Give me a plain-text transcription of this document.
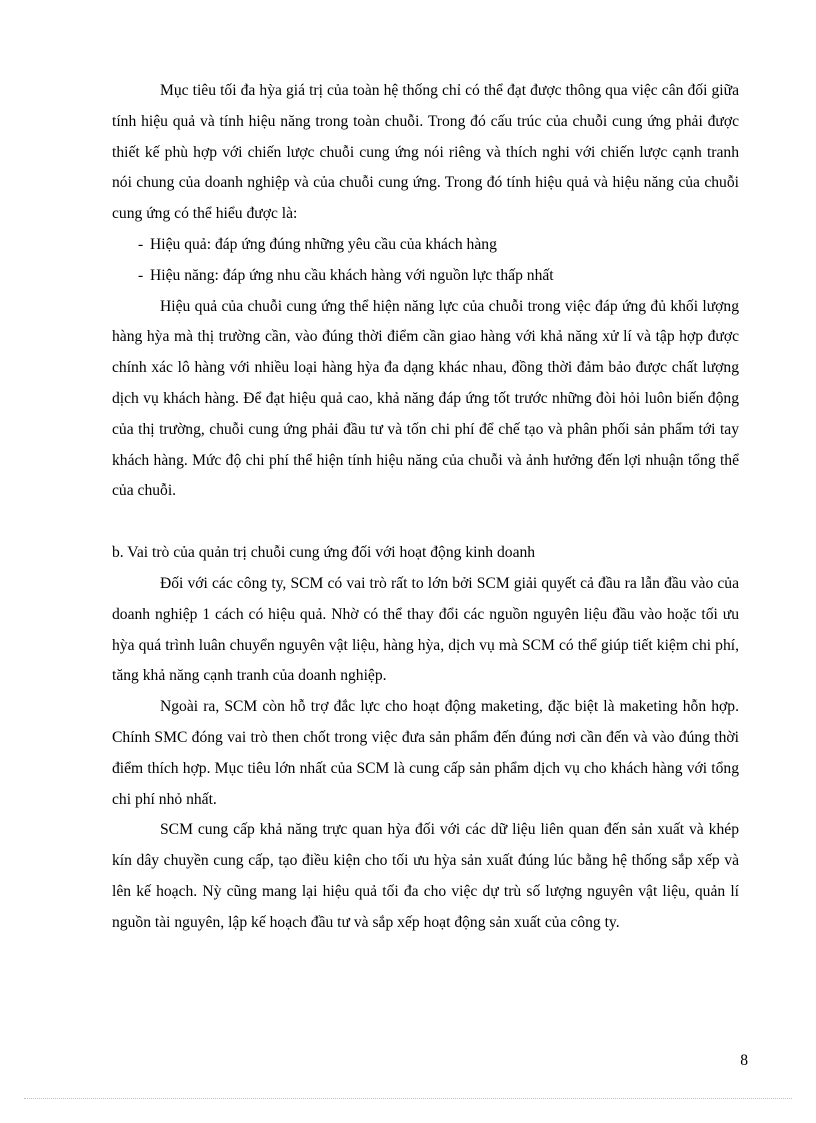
Mục tiêu tối đa hỳa giá trị của toàn hệ thống chỉ có thể đạt được thông qua việc cân đối giữa tính hiệu quả và tính hiệu năng trong toàn chuỗi. Trong đó cấu trúc của chuỗi cung ứng phải được thiết kế phù hợp với chiến lược chuỗi cung ứng nói riêng và thích nghi với chiến lược cạnh tranh nói chung của doanh nghiệp và của chuỗi cung ứng. Trong đó tính hiệu quả và hiệu năng của chuỗi cung ứng có thể hiểu được là:

- Hiệu quả: đáp ứng đúng những yêu cầu của khách hàng
- Hiệu năng: đáp ứng nhu cầu khách hàng với nguồn lực thấp nhất

Hiệu quả của chuỗi cung ứng thể hiện năng lực của chuỗi trong việc đáp ứng đủ khối lượng hàng hỳa mà thị trường cần, vào đúng thời điểm cần giao hàng với khả năng xử lí và tập hợp được chính xác lô hàng với nhiều loại hàng hỳa đa dạng khác nhau, đồng thời đảm bảo được chất lượng dịch vụ khách hàng. Để đạt hiệu quả cao, khả năng đáp ứng tốt trước những đòi hỏi luôn biến động của thị trường, chuỗi cung ứng phải đầu tư và tốn chi phí để chế tạo và phân phối sản phẩm tới tay khách hàng. Mức độ chi phí thể hiện tính hiệu năng của chuỗi và ảnh hưởng đến lợi nhuận tổng thể của chuỗi.

b. Vai trò của quản trị chuỗi cung ứng đối với hoạt động kinh doanh

Đối với các công ty, SCM có vai trò rất to lớn bởi SCM giải quyết cả đầu ra lẫn đầu vào của doanh nghiệp 1 cách có hiệu quả. Nhờ có thể thay đổi các nguồn nguyên liệu đầu vào hoặc tối ưu hỳa quá trình luân chuyển nguyên vật liệu, hàng hỳa, dịch vụ mà SCM có thể giúp tiết kiệm chi phí, tăng khả năng cạnh tranh của doanh nghiệp.

Ngoài ra, SCM còn hỗ trợ đắc lực cho hoạt động maketing, đặc biệt là maketing hỗn hợp. Chính SMC đóng vai trò then chốt trong việc đưa sản phẩm đến đúng nơi cần đến và vào đúng thời điểm thích hợp. Mục tiêu lớn nhất của SCM là cung cấp sản phẩm dịch vụ cho khách hàng với tổng chi phí nhỏ nhất.

SCM cung cấp khả năng trực quan hỳa đối với các dữ liệu liên quan đến sản xuất và khép kín dây chuyền cung cấp, tạo điều kiện cho tối ưu hỳa sản xuất đúng lúc bằng hệ thống sắp xếp và lên kế hoạch. Nỳ cũng mang lại hiệu quả tối đa cho việc dự trù số lượng nguyên vật liệu, quản lí nguồn tài nguyên, lập kế hoạch đầu tư và sắp xếp hoạt động sản xuất của công ty.

8
